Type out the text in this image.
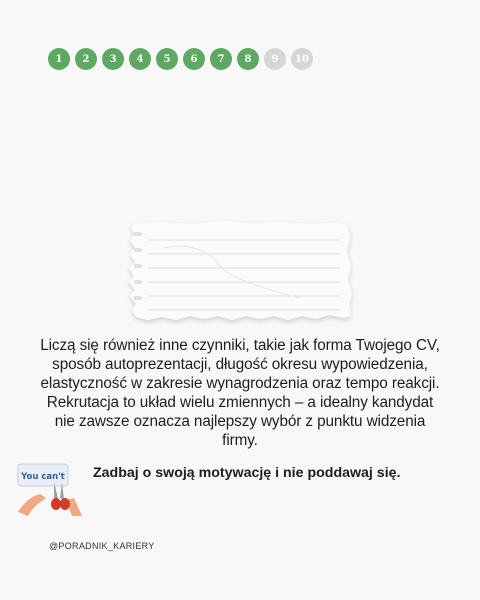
1	2	3	4	5	6	7	8	9	10
Liczą się również inne czynniki, takie jak forma Twojego CV, sposób autoprezentacji, długość okresu wypowiedzenia, elastyczność w zakresie wynagrodzenia oraz tempo reakcji. Rekrutacja to układ wielu zmiennych – a idealny kandydat nie zawsze oznacza najlepszy wybór z punktu widzenia firmy.
You can't Zadbaj o swoją motywację i nie poddawaj się.
@PORADNIK_KARIERY
